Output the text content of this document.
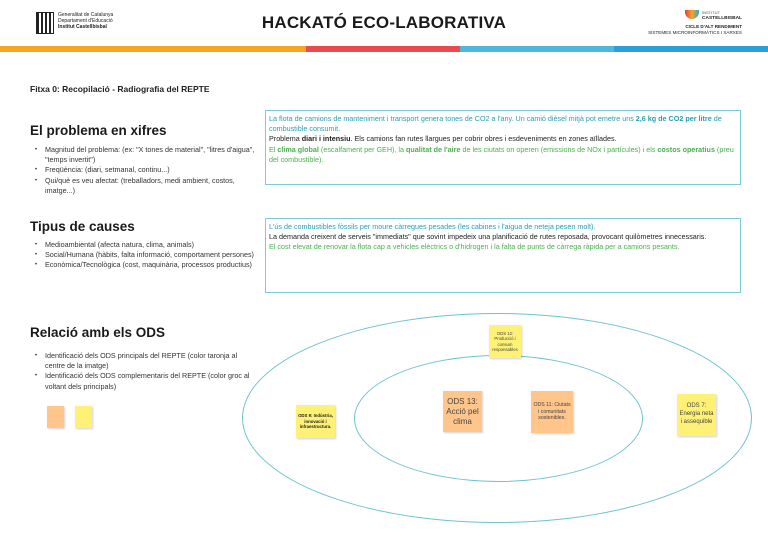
Generalitat de Catalunya
Departament d'Educació
Institut Castellbisbal	HACKATÓ ECO-LABORATIVA
INSTITUT
CASTELLBISBAL
CICLE D'ALT RENDIMENT
SISTEMES MICROINFORMÀTICS I XARXES
Fitxa 0: Recopilació - Radiografia del REPTE
El problema en xifres
• Magnitud del problema: (ex: "X tones de material", "litres d'aigua", "temps invertit")
• Freqüència: (diari, setmanal, continu...)
• Qui/què es veu afectat: (treballadors, medi ambient, costos, imatge...)
La flota de camions de manteniment i transport genera tones de CO2 a l'any. Un camió dièsel mitjà pot emetre uns 2,6 kg de CO2 per litre de combustible consumit.
Problema diari i intensiu. Els camions fan rutes llargues per cobrir obres i esdeveniments en zones aïllades.
El clima global (escalfament per GEH), la qualitat de l'aire de les ciutats on operen (emissions de NOx i partícules) i els costos operatius (preu del combustible).
Tipus de causes
• Medioambiental (afecta natura, clima, animals)
• Social/Humana (hàbits, falta informació, comportament persones)
• Econòmica/Tecnològica (cost, maquinària, processos productius)
L'ús de combustibles fòssils per moure càrregues pesades (les cabines i l'aigua de neteja pesen molt).
La demanda creixent de serveis "immediats" que sovint impedeix una planificació de rutes reposada, provocant quilòmetres innecessaris.
El cost elevat de renovar la flota cap a vehicles elèctrics o d'hidrogen i la falta de punts de càrrega ràpida per a camions pesants.
Relació amb els ODS
• Identificació dels ODS principals del REPTE (color taronja al centre de la imatge)
• Identificació dels ODS complementaris del REPTE (color groc al voltant dels principals)
ODS 12: Producció i consum responsables
ODS 9: Indústria, innovació i infraestructura.
ODS 13: Acció pel clima
ODS 11: Ciutats i comunitats sostenibles.
ODS 7: Energia neta i assequible
